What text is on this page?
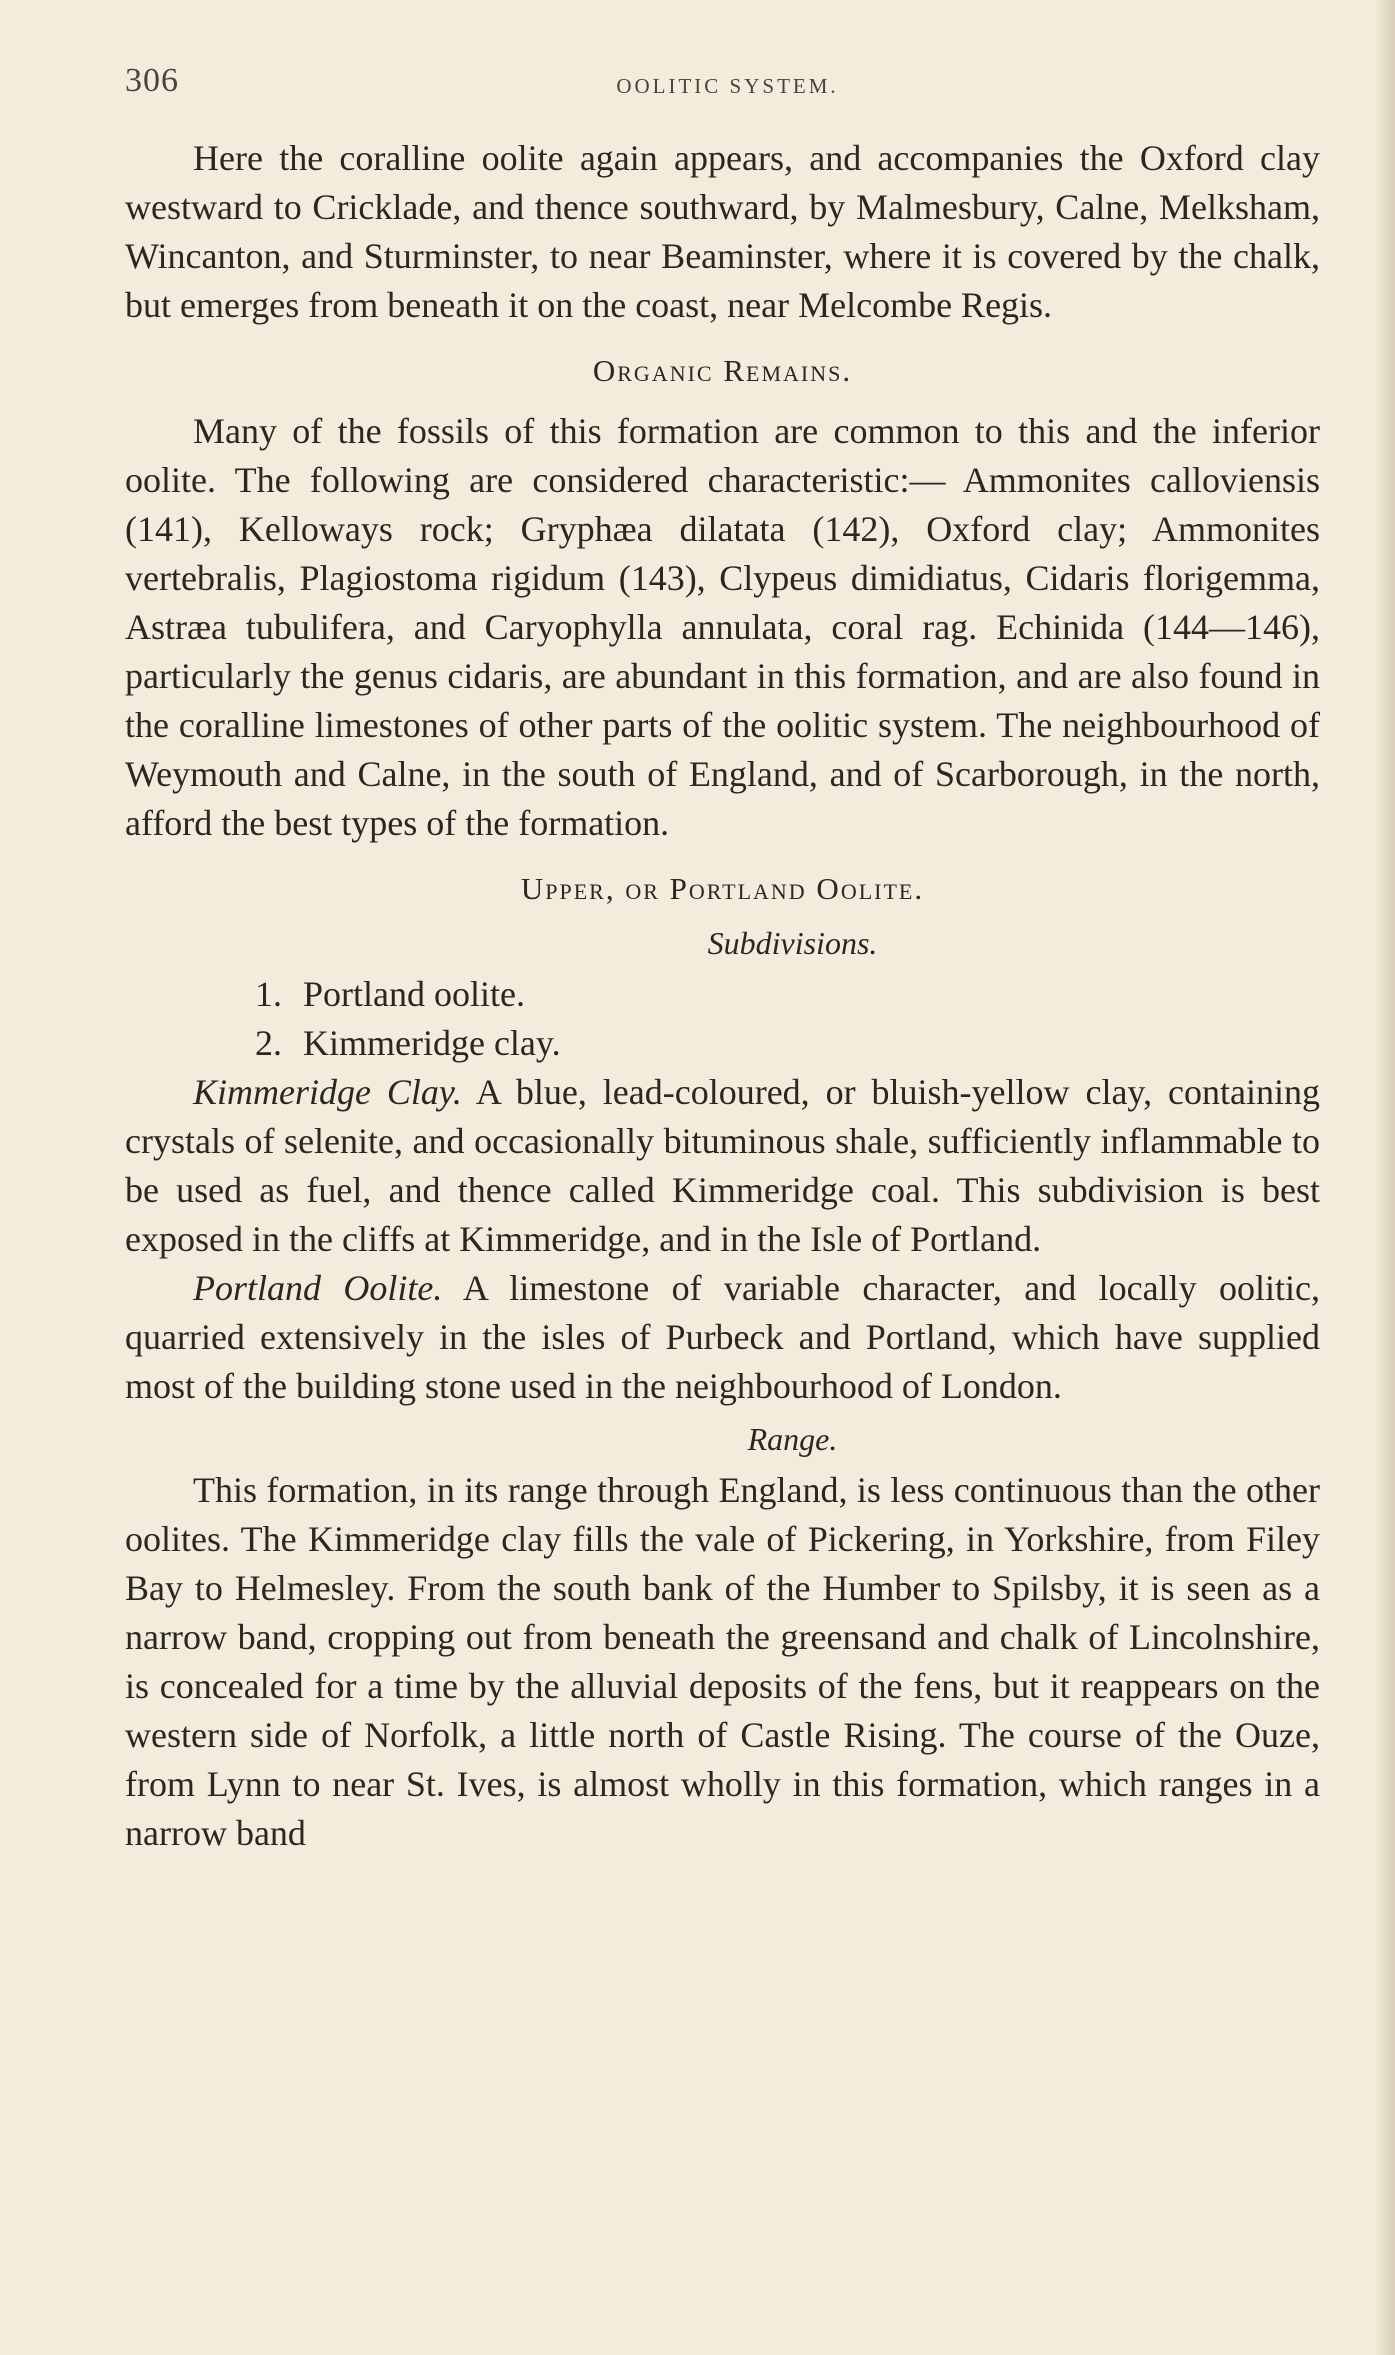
306	OOLITIC SYSTEM.

Here the coralline oolite again appears, and accompanies the Oxford clay westward to Cricklade, and thence southward, by Malmesbury, Calne, Melksham, Wincanton, and Sturminster, to near Beaminster, where it is covered by the chalk, but emerges from beneath it on the coast, near Melcombe Regis.

Organic Remains.

Many of the fossils of this formation are common to this and the inferior oolite. The following are considered characteristic:— Ammonites calloviensis (141), Kelloways rock; Gryphæa dilatata (142), Oxford clay; Ammonites vertebralis, Plagiostoma rigidum (143), Clypeus dimidiatus, Cidaris florigemma, Astræa tubulifera, and Caryophylla annulata, coral rag. Echinida (144—146), particularly the genus cidaris, are abundant in this formation, and are also found in the coralline limestones of other parts of the oolitic system. The neighbourhood of Weymouth and Calne, in the south of England, and of Scarborough, in the north, afford the best types of the formation.

Upper, or Portland Oolite.
Subdivisions.
1. Portland oolite.
2. Kimmeridge clay.

Kimmeridge Clay. A blue, lead-coloured, or bluish-yellow clay, containing crystals of selenite, and occasionally bituminous shale, sufficiently inflammable to be used as fuel, and thence called Kimmeridge coal. This subdivision is best exposed in the cliffs at Kimmeridge, and in the Isle of Portland.

Portland Oolite. A limestone of variable character, and locally oolitic, quarried extensively in the isles of Purbeck and Portland, which have supplied most of the building stone used in the neighbourhood of London.

Range.

This formation, in its range through England, is less continuous than the other oolites. The Kimmeridge clay fills the vale of Pickering, in Yorkshire, from Filey Bay to Helmesley. From the south bank of the Humber to Spilsby, it is seen as a narrow band, cropping out from beneath the greensand and chalk of Lincolnshire, is concealed for a time by the alluvial deposits of the fens, but it reappears on the western side of Norfolk, a little north of Castle Rising. The course of the Ouze, from Lynn to near St. Ives, is almost wholly in this formation, which ranges in a narrow band
